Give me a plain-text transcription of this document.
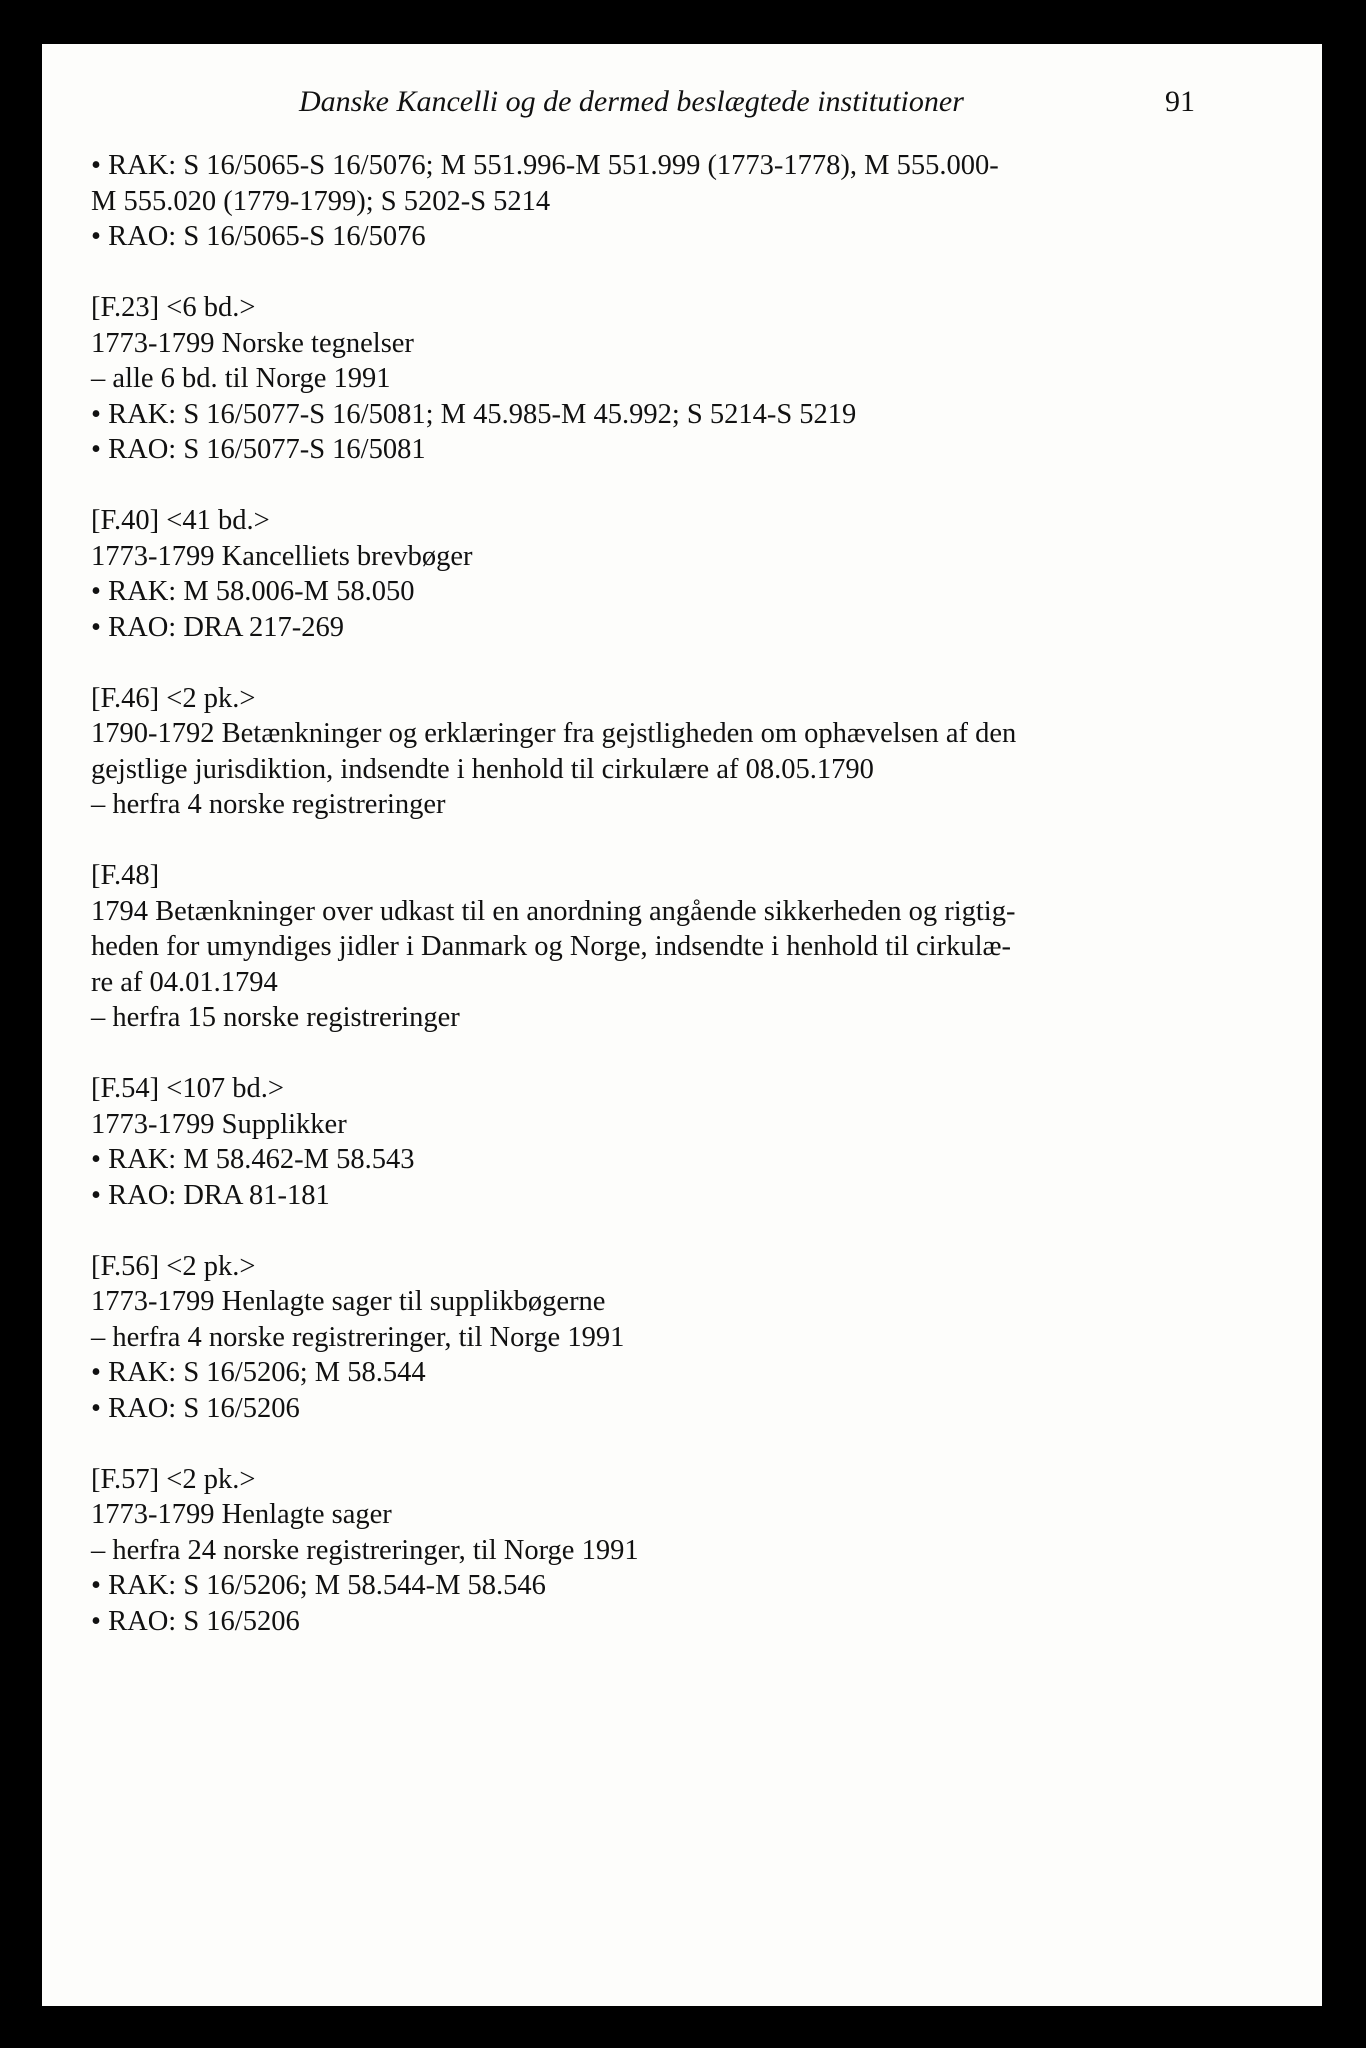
Danske Kancelli og de dermed beslægtede institutioner	91
• RAK: S 16/5065-S 16/5076; M 551.996-M 551.999 (1773-1778), M 555.000-
M 555.020 (1779-1799); S 5202-S 5214
• RAO: S 16/5065-S 16/5076
[F.23] <6 bd.>
1773-1799 Norske tegnelser
– alle 6 bd. til Norge 1991
• RAK: S 16/5077-S 16/5081; M 45.985-M 45.992; S 5214-S 5219
• RAO: S 16/5077-S 16/5081
[F.40] <41 bd.>
1773-1799 Kancelliets brevbøger
• RAK: M 58.006-M 58.050
• RAO: DRA 217-269
[F.46] <2 pk.>
1790-1792 Betænkninger og erklæringer fra gejstligheden om ophævelsen af den
gejstlige jurisdiktion, indsendte i henhold til cirkulære af 08.05.1790
– herfra 4 norske registreringer
[F.48]
1794 Betænkninger over udkast til en anordning angående sikkerheden og rigtig-
heden for umyndiges jidler i Danmark og Norge, indsendte i henhold til cirkulæ-
re af 04.01.1794
– herfra 15 norske registreringer
[F.54] <107 bd.>
1773-1799 Supplikker
• RAK: M 58.462-M 58.543
• RAO: DRA 81-181
[F.56] <2 pk.>
1773-1799 Henlagte sager til supplikbøgerne
– herfra 4 norske registreringer, til Norge 1991
• RAK: S 16/5206; M 58.544
• RAO: S 16/5206
[F.57] <2 pk.>
1773-1799 Henlagte sager
– herfra 24 norske registreringer, til Norge 1991
• RAK: S 16/5206; M 58.544-M 58.546
• RAO: S 16/5206
